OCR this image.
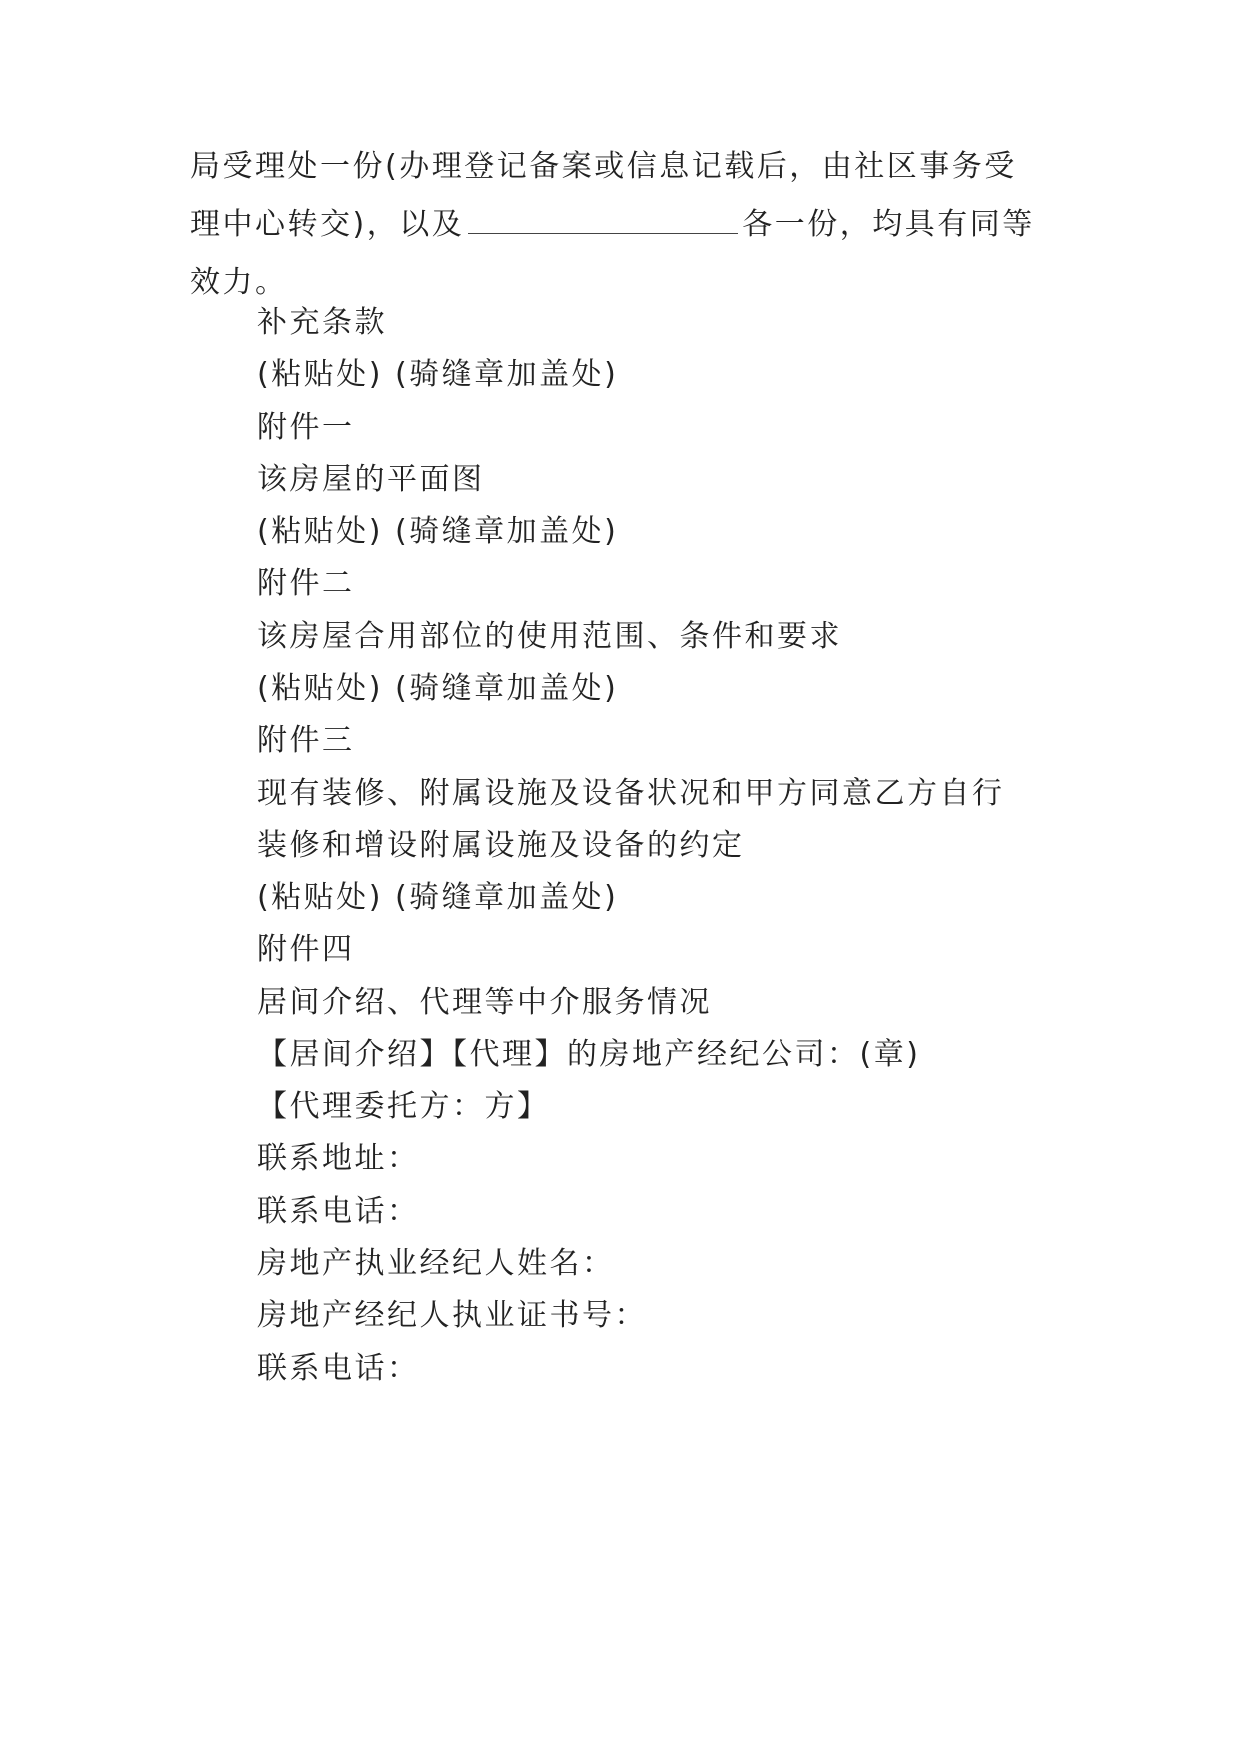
局受理处一份(办理登记备案或信息记载后，由社区事务受
理中心转交)，以及	各一份，均具有同等
效力。
补充条款
(粘贴处) (骑缝章加盖处)
附件一
该房屋的平面图
(粘贴处) (骑缝章加盖处)
附件二
该房屋合用部位的使用范围、条件和要求
(粘贴处) (骑缝章加盖处)
附件三
现有装修、附属设施及设备状况和甲方同意乙方自行
装修和增设附属设施及设备的约定
(粘贴处) (骑缝章加盖处)
附件四
居间介绍、代理等中介服务情况
【居间介绍】【代理】的房地产经纪公司：(章)
【代理委托方：方】
联系地址：
联系电话：
房地产执业经纪人姓名：
房地产经纪人执业证书号：
联系电话：
